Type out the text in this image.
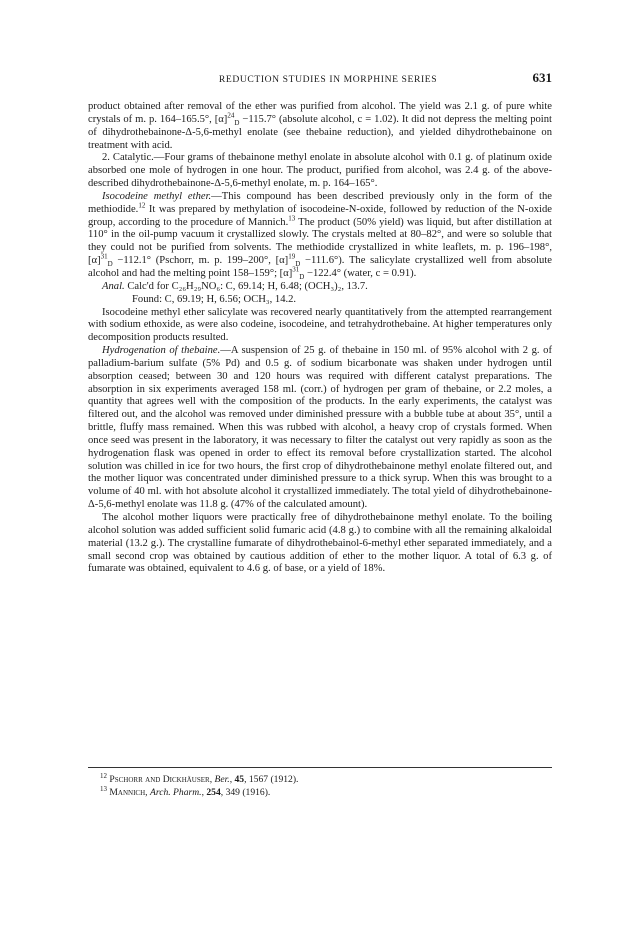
REDUCTION STUDIES IN MORPHINE SERIES	631

product obtained after removal of the ether was purified from alcohol. The yield was 2.1 g. of pure white crystals of m. p. 164–165.5°, $[\alpha]^{24}_D -115.7^\circ$ (absolute alcohol, c = 1.02). It did not depress the melting point of dihydrothebainone-Δ-5,6-methyl enolate (see thebaine reduction), and yielded dihydrothebainone on treatment with acid.

2. Catalytic.—Four grams of thebainone methyl enolate in absolute alcohol with 0.1 g. of platinum oxide absorbed one mole of hydrogen in one hour. The product, purified from alcohol, was 2.4 g. of the above-described dihydrothebainone-Δ-5,6-methyl enolate, m. p. 164–165°.

Isocodeine methyl ether.—This compound has been described previously only in the form of the methiodide.$^{12}$ It was prepared by methylation of isocodeine-N-oxide, followed by reduction of the N-oxide group, according to the procedure of Mannich.$^{13}$ The product (50% yield) was liquid, but after distillation at 110° in the oil-pump vacuum it crystallized slowly. The crystals melted at 80–82°, and were so soluble that they could not be purified from solvents. The methiodide crystallized in white leaflets, m. p. 196–198°, $[\alpha]^{31}_D -112.1^\circ$ (Pschorr, m. p. 199–200°, $[\alpha]^{19}_D -111.6^\circ$). The salicylate crystallized well from absolute alcohol and had the melting point 158–159°; $[\alpha]^{31}_D -122.4^\circ$ (water, c = 0.91).

Anal. Calc'd for C₂₆H₂₉NO₆: C, 69.14; H, 6.48; (OCH₃)₂, 13.7.

Found: C, 69.19; H, 6.56; OCH₃, 14.2.

Isocodeine methyl ether salicylate was recovered nearly quantitatively from the attempted rearrangement with sodium ethoxide, as were also codeine, isocodeine, and tetrahydrothebaine. At higher temperatures only decomposition products resulted.

Hydrogenation of thebaine.—A suspension of 25 g. of thebaine in 150 ml. of 95% alcohol with 2 g. of palladium-barium sulfate (5% Pd) and 0.5 g. of sodium bicarbonate was shaken under hydrogen until absorption ceased; between 30 and 120 hours was required with different catalyst preparations. The absorption in six experiments averaged 158 ml. (corr.) of hydrogen per gram of thebaine, or 2.2 moles, a quantity that agrees well with the composition of the products. In the early experiments, the catalyst was filtered out, and the alcohol was removed under diminished pressure with a bubble tube at about 35°, until a brittle, fluffy mass remained. When this was rubbed with alcohol, a heavy crop of crystals formed. When once seed was present in the laboratory, it was necessary to filter the catalyst out very rapidly as soon as the hydrogenation flask was opened in order to effect its removal before crystallization started. The alcohol solution was chilled in ice for two hours, the first crop of dihydrothebainone methyl enolate filtered out, and the mother liquor was concentrated under diminished pressure to a thick syrup. When this was brought to a volume of 40 ml. with hot absolute alcohol it crystallized immediately. The total yield of dihydrothebainone-Δ-5,6-methyl enolate was 11.8 g. (47% of the calculated amount).

The alcohol mother liquors were practically free of dihydrothebainone methyl enolate. To the boiling alcohol solution was added sufficient solid fumaric acid (4.8 g.) to combine with all the remaining alkaloidal material (13.2 g.). The crystalline fumarate of dihydrothebainol-6-methyl ether separated immediately, and a small second crop was obtained by cautious addition of ether to the mother liquor. A total of 6.3 g. of fumarate was obtained, equivalent to 4.6 g. of base, or a yield of 18%.

$^{12}$ Pschorr and Dickhäuser, Ber., 45, 1567 (1912).
$^{13}$ Mannich, Arch. Pharm., 254, 349 (1916).
